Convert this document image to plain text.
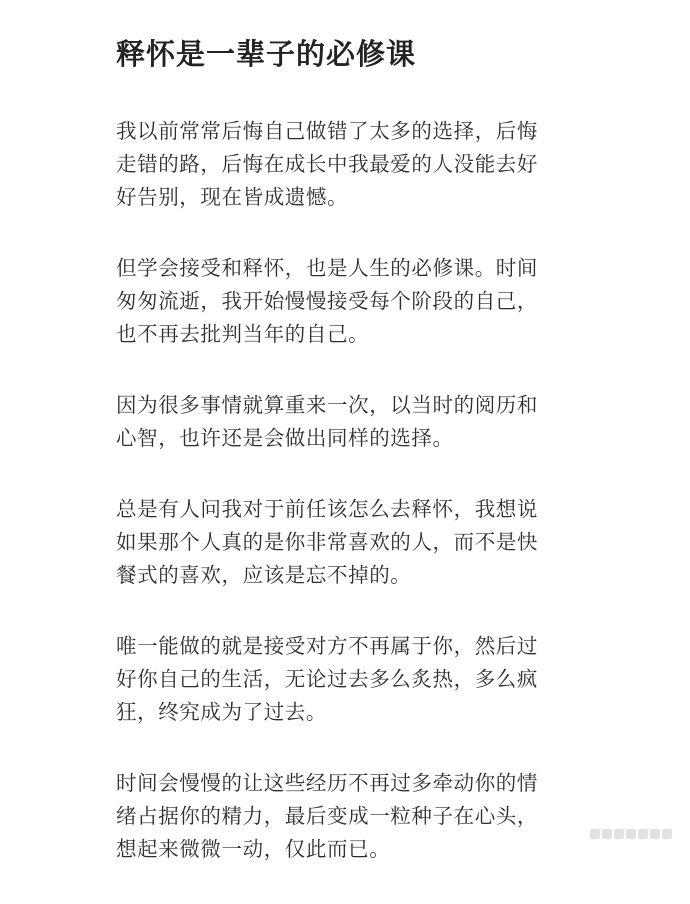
释怀是一辈子的必修课

我以前常常后悔自己做错了太多的选择，后悔
走错的路，后悔在成长中我最爱的人没能去好
好告别，现在皆成遗憾。

但学会接受和释怀，也是人生的必修课。时间
匆匆流逝，我开始慢慢接受每个阶段的自己，
也不再去批判当年的自己。

因为很多事情就算重来一次，以当时的阅历和
心智，也许还是会做出同样的选择。

总是有人问我对于前任该怎么去释怀，我想说
如果那个人真的是你非常喜欢的人，而不是快
餐式的喜欢，应该是忘不掉的。

唯一能做的就是接受对方不再属于你，然后过
好你自己的生活，无论过去多么炙热，多么疯
狂，终究成为了过去。

时间会慢慢的让这些经历不再过多牵动你的情
绪占据你的精力，最后变成一粒种子在心头，
想起来微微一动，仅此而已。
